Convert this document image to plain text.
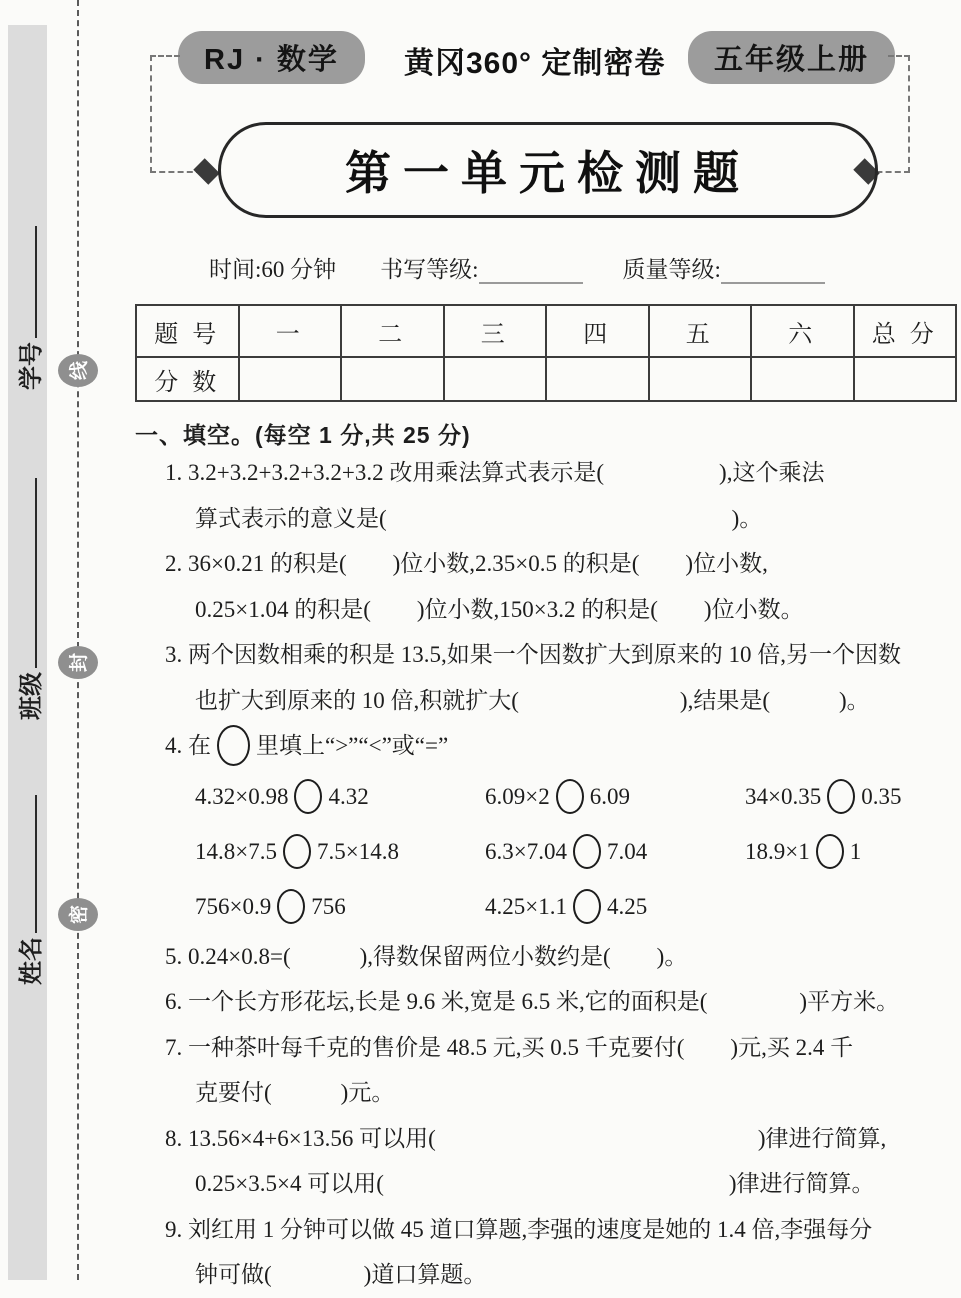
学号
班级
姓名
线
封
密
RJ · 数学	黄冈360° 定制密卷	五年级上册
第一单元检测题
时间:60 分钟 书写等级:	质量等级:
题 号	一	二	三	四	五	六	总 分
分 数							
一、填空。(每空 1 分,共 25 分)
1. 3.2+3.2+3.2+3.2+3.2 改用乘法算式表示是(　　　　　),这个乘法
算式表示的意义是(　　　　　　　　　　　　　　　)。
2. 36×0.21 的积是(　　)位小数,2.35×0.5 的积是(　　)位小数,
0.25×1.04 的积是(　　)位小数,150×3.2 的积是(　　)位小数。
3. 两个因数相乘的积是 13.5,如果一个因数扩大到原来的 10 倍,另一个因数
也扩大到原来的 10 倍,积就扩大(　　　　　　　),结果是(　　　)。
4. 在 里填上“>”“<”或“=”
4.32×0.98 4.32	6.09×2 6.09	34×0.35 0.35
14.8×7.5 7.5×14.8	6.3×7.04 7.04	18.9×1 1
756×0.9 756	4.25×1.1 4.25
5. 0.24×0.8=(　　　),得数保留两位小数约是(　　)。
6. 一个长方形花坛,长是 9.6 米,宽是 6.5 米,它的面积是(　　　　)平方米。
7. 一种茶叶每千克的售价是 48.5 元,买 0.5 千克要付(　　)元,买 2.4 千
克要付(　　　)元。
8. 13.56×4+6×13.56 可以用(　　　　　　　　　　　　　　)律进行简算,
0.25×3.5×4 可以用(　　　　　　　　　　　　　　　)律进行简算。
9. 刘红用 1 分钟可以做 45 道口算题,李强的速度是她的 1.4 倍,李强每分
钟可做(　　　　)道口算题。
